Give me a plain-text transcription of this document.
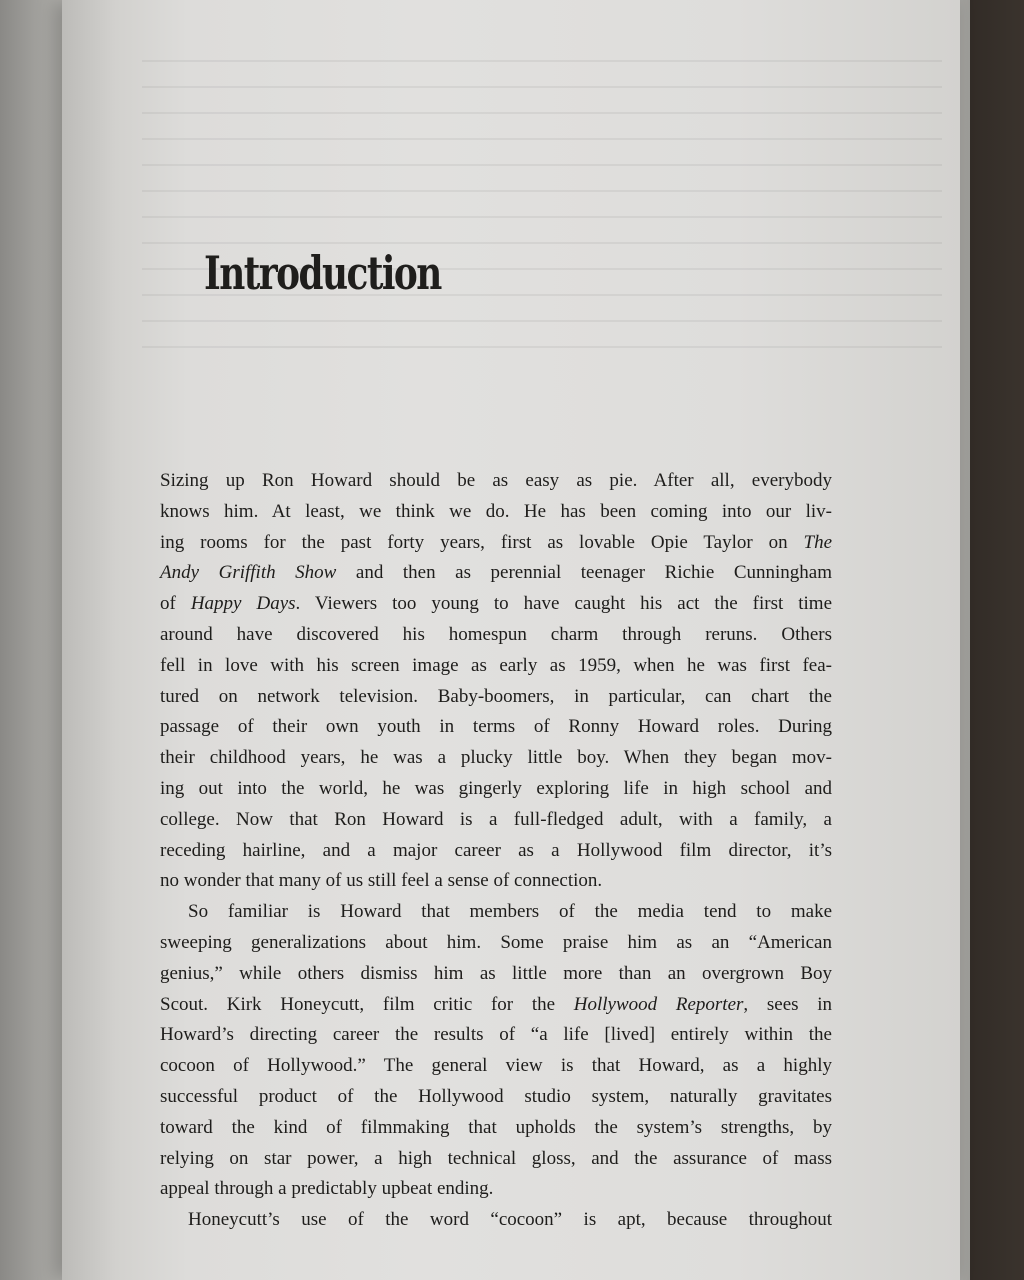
Introduction

Sizing up Ron Howard should be as easy as pie. After all, everybody
knows him. At least, we think we do. He has been coming into our liv-
ing rooms for the past forty years, first as lovable Opie Taylor on The
Andy Griffith Show and then as perennial teenager Richie Cunningham
of Happy Days. Viewers too young to have caught his act the first time
around have discovered his homespun charm through reruns. Others
fell in love with his screen image as early as 1959, when he was first fea-
tured on network television. Baby-boomers, in particular, can chart the
passage of their own youth in terms of Ronny Howard roles. During
their childhood years, he was a plucky little boy. When they began mov-
ing out into the world, he was gingerly exploring life in high school and
college. Now that Ron Howard is a full-fledged adult, with a family, a
receding hairline, and a major career as a Hollywood film director, it’s
no wonder that many of us still feel a sense of connection.

So familiar is Howard that members of the media tend to make
sweeping generalizations about him. Some praise him as an “American
genius,” while others dismiss him as little more than an overgrown Boy
Scout. Kirk Honeycutt, film critic for the Hollywood Reporter, sees in
Howard’s directing career the results of “a life [lived] entirely within the
cocoon of Hollywood.” The general view is that Howard, as a highly
successful product of the Hollywood studio system, naturally gravitates
toward the kind of filmmaking that upholds the system’s strengths, by
relying on star power, a high technical gloss, and the assurance of mass
appeal through a predictably upbeat ending.

Honeycutt’s use of the word “cocoon” is apt, because throughout
